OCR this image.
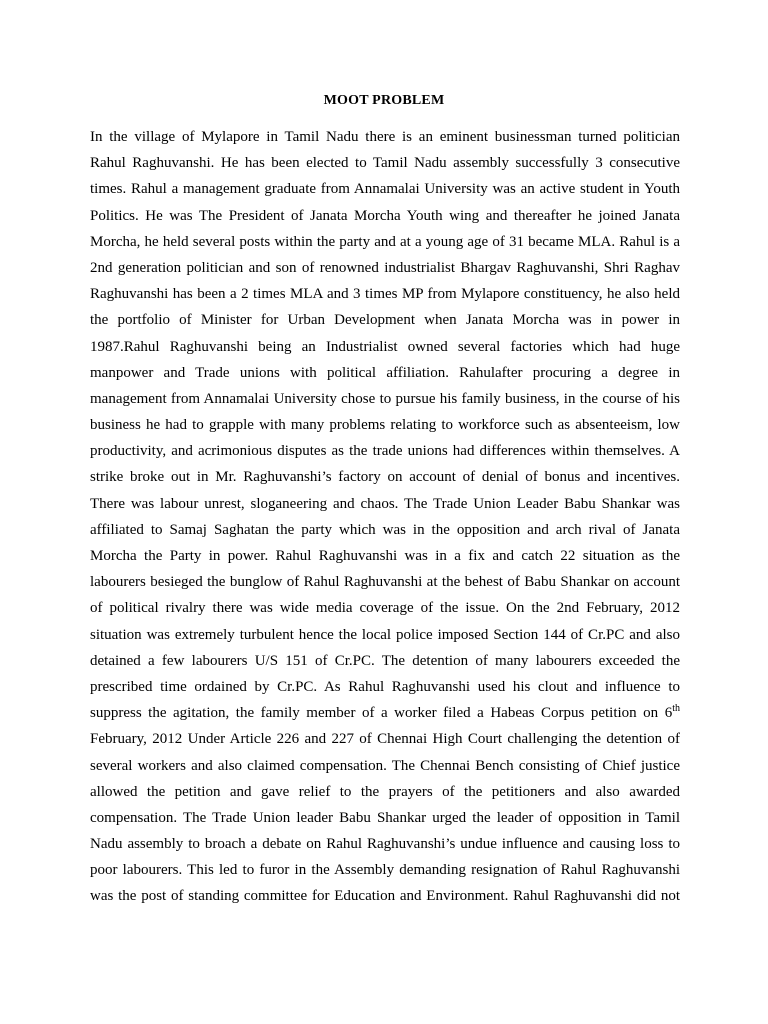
MOOT PROBLEM
In the village of Mylapore in Tamil Nadu there is an eminent businessman turned politician
Rahul Raghuvanshi. He has been elected to Tamil Nadu assembly successfully 3 consecutive
times. Rahul a management graduate from Annamalai University was an active student in Youth
Politics. He was The President of Janata Morcha Youth wing and thereafter he joined Janata
Morcha, he held several posts within the party and at a young age of 31 became MLA. Rahul is a
2nd generation politician and son of renowned industrialist Bhargav Raghuvanshi, Shri Raghav
Raghuvanshi has been a 2 times MLA and 3 times MP from Mylapore constituency, he also held
the portfolio of Minister for Urban Development when Janata Morcha was in power in
1987.Rahul Raghuvanshi being an Industrialist owned several factories which had huge
manpower and Trade unions with political affiliation. Rahulafter procuring a degree in
management from Annamalai University chose to pursue his family business, in the course of his
business he had to grapple with many problems relating to workforce such as absenteeism, low
productivity, and acrimonious disputes as the trade unions had differences within themselves. A
strike broke out in Mr. Raghuvanshi’s factory on account of denial of bonus and incentives.
There was labour unrest, sloganeering and chaos. The Trade Union Leader Babu Shankar was
affiliated to Samaj Saghatan the party which was in the opposition and arch rival of Janata
Morcha the Party in power. Rahul Raghuvanshi was in a fix and catch 22 situation as the
labourers besieged the bunglow of Rahul Raghuvanshi at the behest of Babu Shankar on account
of political rivalry there was wide media coverage of the issue. On the 2nd February, 2012
situation was extremely turbulent hence the local police imposed Section 144 of Cr.PC and also
detained a few labourers U/S 151 of Cr.PC. The detention of many labourers exceeded the
prescribed time ordained by Cr.PC. As Rahul Raghuvanshi used his clout and influence to
suppress the agitation, the family member of a worker filed a Habeas Corpus petition on 6th
February, 2012 Under Article 226 and 227 of Chennai High Court challenging the detention of
several workers and also claimed compensation. The Chennai Bench consisting of Chief justice
allowed the petition and gave relief to the prayers of the petitioners and also awarded
compensation. The Trade Union leader Babu Shankar urged the leader of opposition in Tamil
Nadu assembly to broach a debate on Rahul Raghuvanshi’s undue influence and causing loss to
poor labourers. This led to furor in the Assembly demanding resignation of Rahul Raghuvanshi
was the post of standing committee for Education and Environment. Rahul Raghuvanshi did not
